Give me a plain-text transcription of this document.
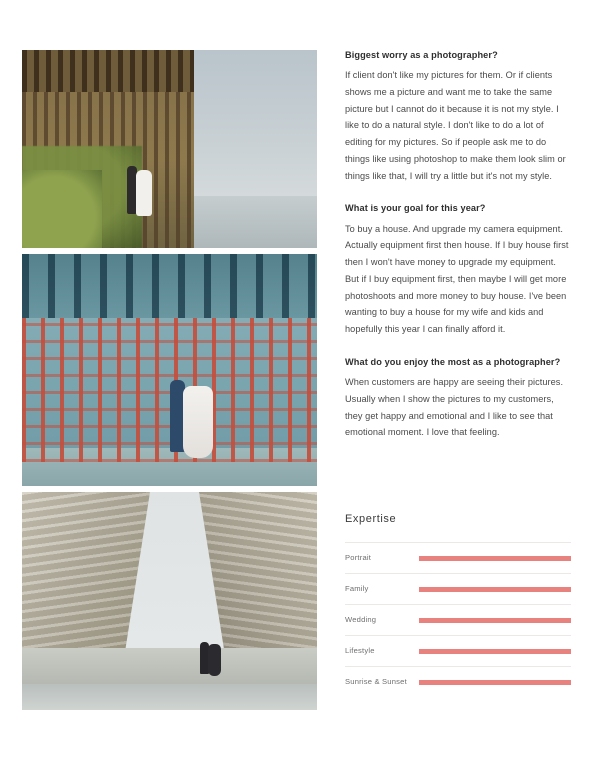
Biggest worry as a photographer?

If client don't like my pictures for them. Or if clients shows me a picture and want me to take the same picture but I cannot do it because it is not my style. I like to do a natural style. I don't like to do a lot of editing for my pictures. So if people ask me to do things like using photoshop to make them look slim or things like that, I will try a little but it's not my style.

What is your goal for this year?

To buy a house. And upgrade my camera equipment. Actually equipment first then house. If I buy house first then I won't have money to upgrade my equipment. But if I buy equipment first, then maybe I will get more photoshoots and more money to buy house. I've been wanting to buy a house for my wife and kids and hopefully this year I can finally afford it.

What do you enjoy the most as a photographer?

When customers are happy are seeing their pictures. Usually when I show the pictures to my customers, they get happy and emotional and I like to see that emotional moment. I love that feeling.

Expertise
Portrait
Family
Wedding
Lifestyle
Sunrise & Sunset
